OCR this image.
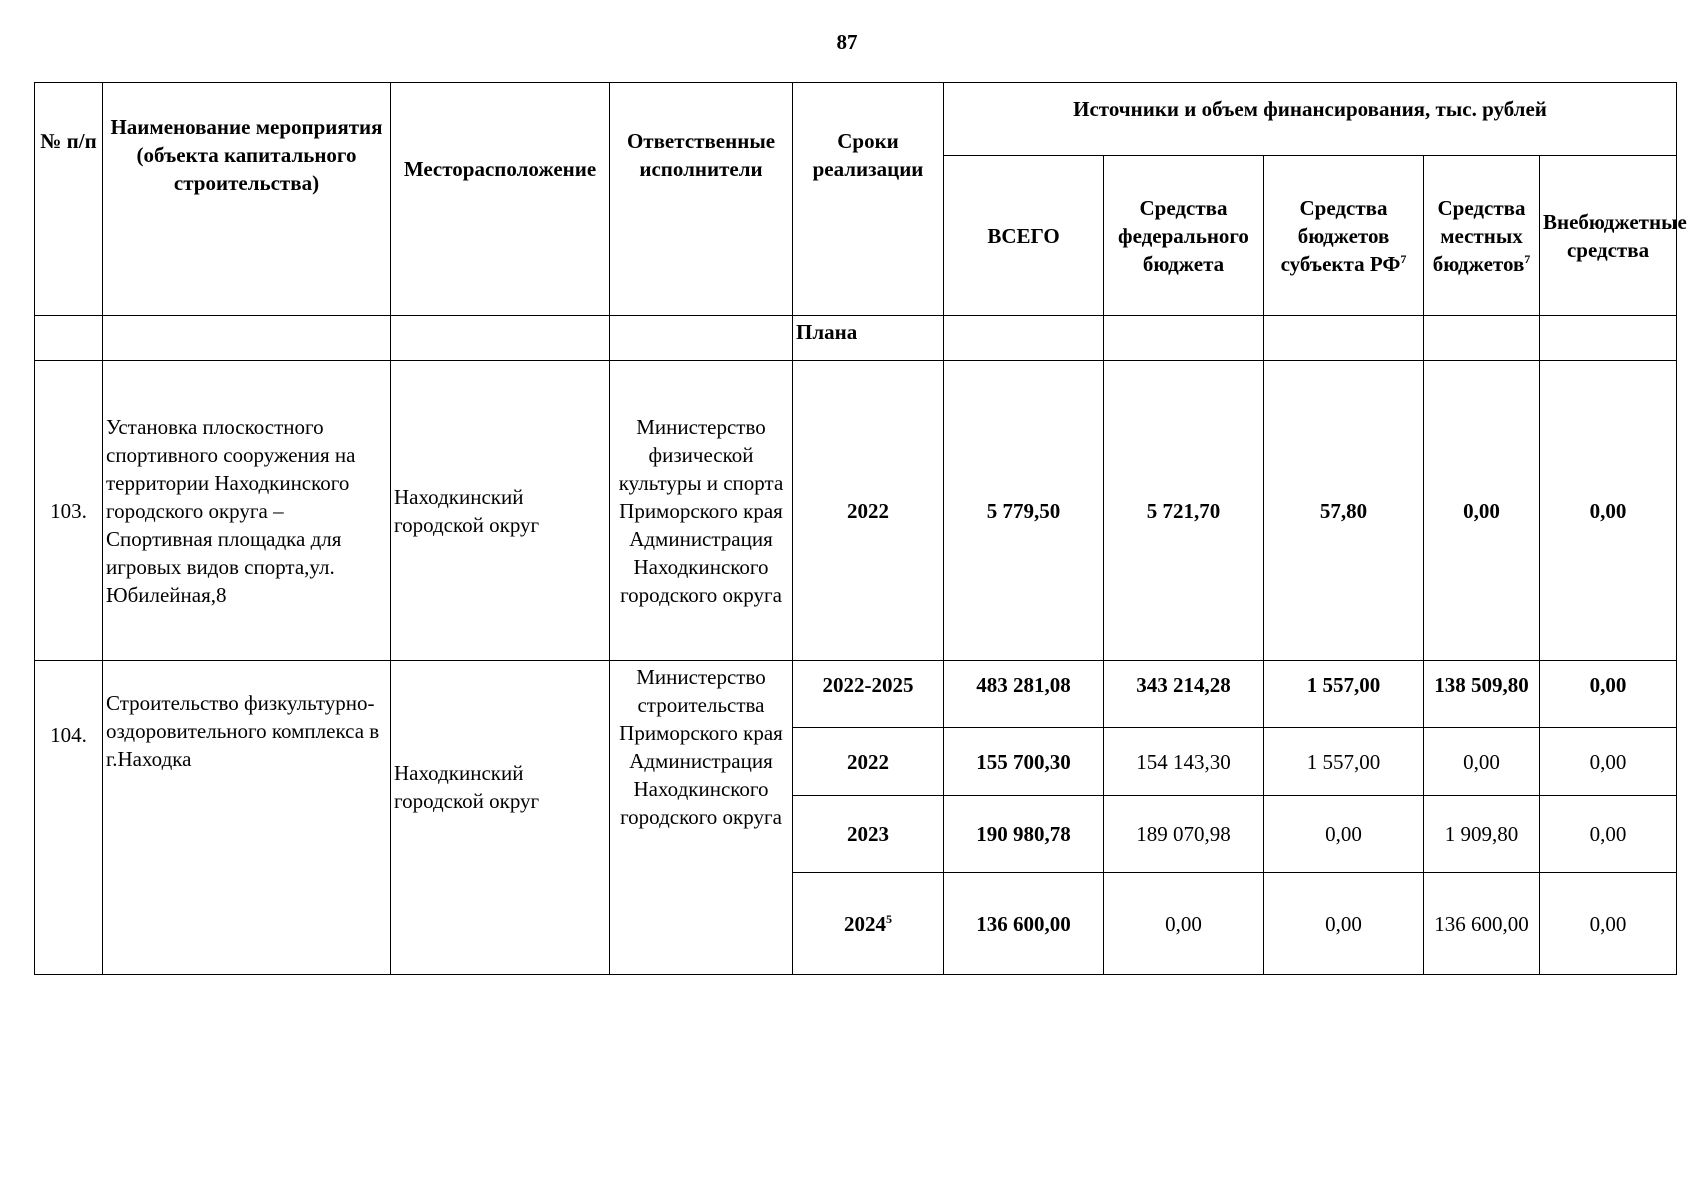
87
№ п/п	Наименование мероприятия (объекта капитального строительства)	Месторасположение	Ответственные исполнители	Сроки реализации	Источники и объем финансирования, тыс. рублей				
					ВСЕГО	Средства федерального бюджета	Средства бюджетов субъекта $РФ^7$	Средства местных бюджетов$^7$	Внебюджетные средства
				Плана					
103.	Установка плоскостного спортивного сооружения на территории Находкинского городского округа – Спортивная площадка для игровых видов спорта,ул. Юбилейная,8	Находкинский городской округ	Министерство физической культуры и спорта Приморского края Администрация Находкинского городского округа	2022	5 779,50	5 721,70	57,80	0,00	0,00
104.	Строительство физкультурно-оздоровительного комплекса в г.Находка	Находкинский городской округ	Министерство строительства Приморского края Администрация Находкинского городского округа	2022-2025	483 281,08	343 214,28	1 557,00	138 509,80	0,00
				2022	155 700,30	154 143,30	1 557,00	0,00	0,00
				2023	190 980,78	189 070,98	0,00	1 909,80	0,00
				2024$^5$	136 600,00	0,00	0,00	136 600,00	0,00
